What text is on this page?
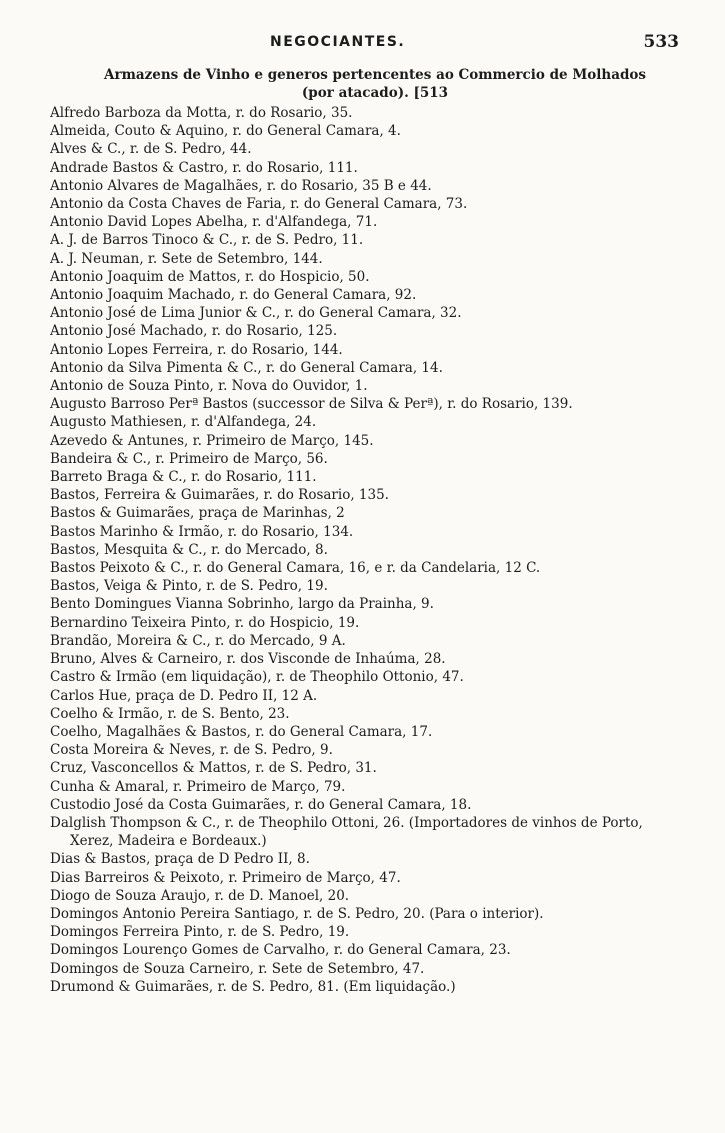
NEGOCIANTES.	533
Armazens de Vinho e generos pertencentes ao Commercio de Molhados
(por atacado). [513
Alfredo Barboza da Motta, r. do Rosario, 35.
Almeida, Couto & Aquino, r. do General Camara, 4.
Alves & C., r. de S. Pedro, 44.
Andrade Bastos & Castro, r. do Rosario, 111.
Antonio Alvares de Magalhães, r. do Rosario, 35 B e 44.
Antonio da Costa Chaves de Faria, r. do General Camara, 73.
Antonio David Lopes Abelha, r. d'Alfandega, 71.
A. J. de Barros Tinoco & C., r. de S. Pedro, 11.
A. J. Neuman, r. Sete de Setembro, 144.
Antonio Joaquim de Mattos, r. do Hospicio, 50.
Antonio Joaquim Machado, r. do General Camara, 92.
Antonio José de Lima Junior & C., r. do General Camara, 32.
Antonio José Machado, r. do Rosario, 125.
Antonio Lopes Ferreira, r. do Rosario, 144.
Antonio da Silva Pimenta & C., r. do General Camara, 14.
Antonio de Souza Pinto, r. Nova do Ouvidor, 1.
Augusto Barroso Perª Bastos (successor de Silva & Perª), r. do Rosario, 139.
Augusto Mathiesen, r. d'Alfandega, 24.
Azevedo & Antunes, r. Primeiro de Março, 145.
Bandeira & C., r. Primeiro de Março, 56.
Barreto Braga & C., r. do Rosario, 111.
Bastos, Ferreira & Guimarães, r. do Rosario, 135.
Bastos & Guimarães, praça de Marinhas, 2
Bastos Marinho & Irmão, r. do Rosario, 134.
Bastos, Mesquita & C., r. do Mercado, 8.
Bastos Peixoto & C., r. do General Camara, 16, e r. da Candelaria, 12 C.
Bastos, Veiga & Pinto, r. de S. Pedro, 19.
Bento Domingues Vianna Sobrinho, largo da Prainha, 9.
Bernardino Teixeira Pinto, r. do Hospicio, 19.
Brandão, Moreira & C., r. do Mercado, 9 A.
Bruno, Alves & Carneiro, r. dos Visconde de Inhaúma, 28.
Castro & Irmão (em liquidação), r. de Theophilo Ottonio, 47.
Carlos Hue, praça de D. Pedro II, 12 A.
Coelho & Irmão, r. de S. Bento, 23.
Coelho, Magalhães & Bastos, r. do General Camara, 17.
Costa Moreira & Neves, r. de S. Pedro, 9.
Cruz, Vasconcellos & Mattos, r. de S. Pedro, 31.
Cunha & Amaral, r. Primeiro de Março, 79.
Custodio José da Costa Guimarães, r. do General Camara, 18.
Dalglish Thompson & C., r. de Theophilo Ottoni, 26. (Importadores de vinhos de Porto, Xerez, Madeira e Bordeaux.)
Dias & Bastos, praça de D Pedro II, 8.
Dias Barreiros & Peixoto, r. Primeiro de Março, 47.
Diogo de Souza Araujo, r. de D. Manoel, 20.
Domingos Antonio Pereira Santiago, r. de S. Pedro, 20. (Para o interior).
Domingos Ferreira Pinto, r. de S. Pedro, 19.
Domingos Lourenço Gomes de Carvalho, r. do General Camara, 23.
Domingos de Souza Carneiro, r. Sete de Setembro, 47.
Drumond & Guimarães, r. de S. Pedro, 81. (Em liquidação.)
